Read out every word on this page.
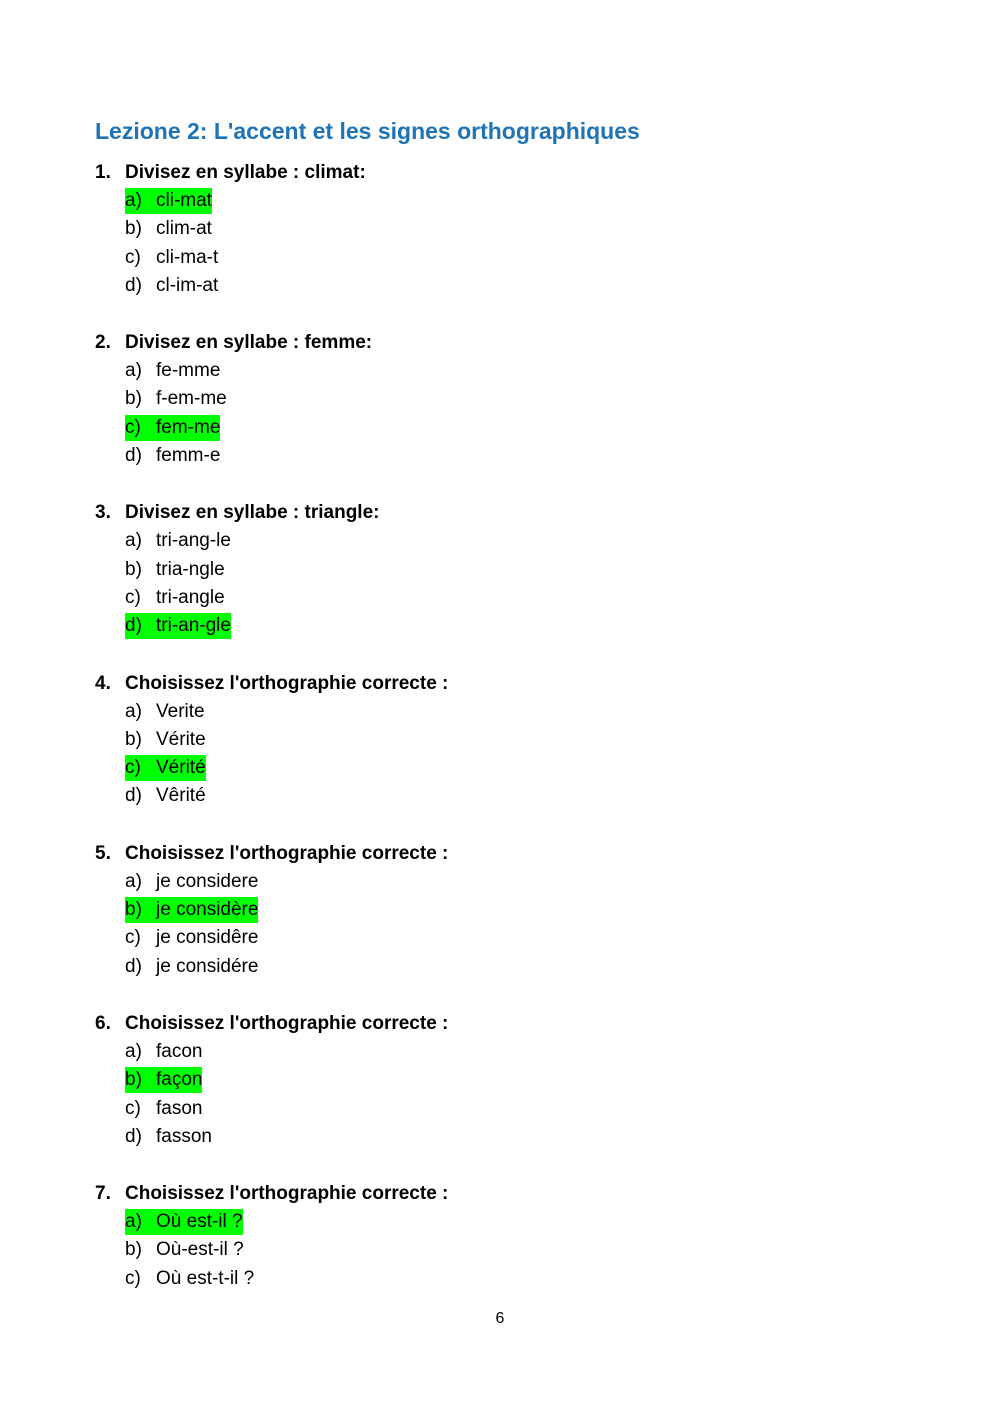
Lezione 2: L'accent et les signes orthographiques
1. Divisez en syllabe : climat:
a) cli-mat
b) clim-at
c) cli-ma-t
d) cl-im-at
2. Divisez en syllabe : femme:
a) fe-mme
b) f-em-me
c) fem-me
d) femm-e
3. Divisez en syllabe : triangle:
a) tri-ang-le
b) tria-ngle
c) tri-angle
d) tri-an-gle
4. Choisissez l'orthographie correcte :
a) Verite
b) Vérite
c) Vérité
d) Vêrité
5. Choisissez l'orthographie correcte :
a) je considere
b) je considère
c) je considêre
d) je considére
6. Choisissez l'orthographie correcte :
a) facon
b) façon
c) fason
d) fasson
7. Choisissez l'orthographie correcte :
a) Où est-il ?
b) Où-est-il ?
c) Où est-t-il ?
6
